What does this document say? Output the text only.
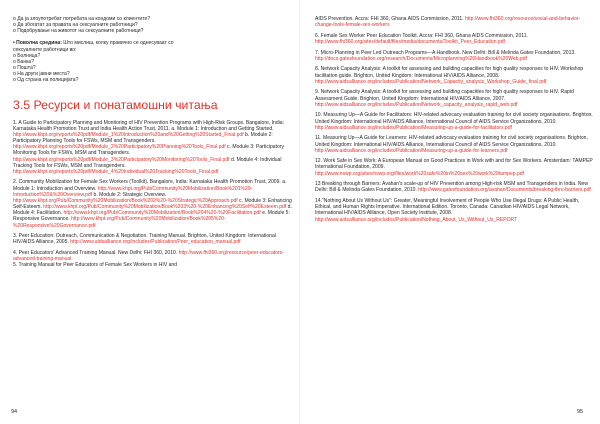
о Да ја злоупотребат потребата на кондоми со клиентите?

о Да збогатат за правата на сексуалните работници?

о Подобрување на животот на сексуалните работници?

• Поволна средина: Што мислиш, колку правично се однесуваат со

сексуалните работници во:

о Болница?

о Банка?

о Пошта?

о На други јавни места?

о Од страна на полицијата?

3.5 Ресурси и понатамошни читања

1. A Guide to Participatory Planning and Monitoring of HIV Prevention Programs with High-Risk Groups. Bangalore, India: Karnataka Health Promotion Trust and India Health Action Trust, 2011. a. Module 1: Introduction and Getting Started. http://www.khpt.org/reports%20pdf/Module_1%20Introduction%20and%20Getting%20Started_Final.pdf b. Module 2: Participatory Planning Tools for FSWs, MSM and Transgenders. http://www.khpt.org/reports%20pdf/Module_2%20Participatory%20Planning%20Tools_Final.pdf c. Module 3: Participatory Monitoring Tools for FSWs, MSM and Transgenders. http://www.khpt.org/reports%20pdf/Module_3%20Participatory%20Monitoring%20Tools_Final.pdf d. Module 4: Individual Tracking Tools for FSWs, MSM and Transgenders. http://www.khpt.org/reports%20pdf/Module_4%20Individual%20Tracking%20Tools_Final.pdf

2. Community Mobilization for Female Sex Workers (Toolkit). Bangalore, India: Karnataka Health Promotion Trust, 2009. a. Module 1: Introduction and Overview. http://www.khpt.org/Pub/Community%20Mobilization/Book%201%20-Introduction%20&%20Overview.pdf b. Module 2: Strategic Overview. http://www.khpt.org/Pub/Community%20Mobilization/Book%202%20-%20Strategic%20Approach.pdf c. Module 3: Enhancing Self-Esteem. http://www.khpt.org/Pub/Community%20Mobilization/Book%203%20-%20Enhancing%20Self%20Esteem.pdf d. Module 4: Facilitation. http://www.khpt.org/Pub/Community%20Mobilization/Book%204%20-%20Facilitation.pdf e. Module 5: Responsive Governance. http://www.khpt.org/Pub/Community%20Mobilization/Book%205%20-%20Responsive%20Governance.pdf

3. Peer Education: Outreach, Communication & Negotiation. Training Manual. Brighton, United Kingdom: International HIV/AIDS Alliance, 2005. http://www.aidsalliance.org/includes/Publication/Peer_education_manual.pdf

4. Peer Educators' Advanced Training Manual. New Delhi: FHI 360, 2010. http://www.fhi360.org/resource/peer-educators-advanced-training-manual

5. Training Manual for Peer Educators of Female Sex Workers in HIV and

94

AIDS Prevention. Accra: FHI 360, Ghana AIDS Commission, 2011. http://www.fhi360.org/resource/social-and-behavior-change-tools-female-sex-workers

6. Female Sex Worker Peer Education Toolkit. Accra: FHI 360, Ghana AIDS Commission, 2011. http://www.fhi360.org/sites/default/files/media/documents/Toolkit_Peer_Education.pdf

7. Micro-Planning in Peer Led Outreach Programs—A Handbook. New Delhi: Bill & Melinda Gates Foundation, 2013. http://docs.gatesfoundation.org/research/Documents/Microplanning%20Handbook%20Web.pdf

8. Network Capacity Analysis: A toolkit for assessing and building capacities for high quality responses to HIV. Workshop facilitation guide. Brighton, United Kingdom: International HIV/AIDS Alliance, 2008. http://www.aidsalliance.org/includes/Publication/Network_Capacity_analysis_Workshop_Guide_final.pdf

9. Network Capacity Analysis: A toolkit for assessing and building capacities for high quality responses to HIV. Rapid Assessment Guide. Brighton, United Kingdom: International HIV/AIDS Alliance, 2007. http://www.aidsalliance.org/includes/Publication/Network_capacity_analysis_rapid_web.pdf

10. Measuring Up—A Guide for Facilitators: HIV-related advocacy evaluation training for civil society organisations. Brighton, United Kingdom: International HIV/AIDS Alliance, International Council of AIDS Service Organizations, 2010. http://www.aidsalliance.org/includes/Publication/Measuring-up-a-guide-for-facilitators.pdf

11. Measuring Up—A Guide for Learners: HIV-related advocacy evaluation training for civil society organisations. Brighton, United Kingdom: International HIV/AIDS Alliance, International Council of AIDS Service Organizations, 2010. http://www.aidsalliance.org/includes/Publication/Measuring-up-a-guide-for-learners.pdf

12. Work Safe in Sex Work: A European Manual on Good Practices in Work with and for Sex Workers. Amsterdam: TAMPEP International Foundation, 2009. http://www.nswp.org/sites/nswp.org/files/work%20safe%20in%20sex%20work%20tampep.pdf

13 Breaking through Barriers: Avahan's scale-up of HIV Prevention among High-risk MSM and Transgenders in India. New Delhi: Bill & Melinda Gates Foundation, 2010. http://www.gatesfoundation.org/avahan/Documents/breaking-thru-barriers.pdf

14."Nothing About Us Without Us": Greater, Meaningful Involvement of People Who Use Illegal Drugs: A Public Health, Ethical, and Human Rights Imperative. International Edition. Toronto, Canada: Canadian HIV/AIDS Legal Network, International HIV/AIDS Alliance, Open Society Institute, 2008. http://www.aidsalliance.org/includes/Publication/Nothing_About_Us_Without_Us_REPORT

95
